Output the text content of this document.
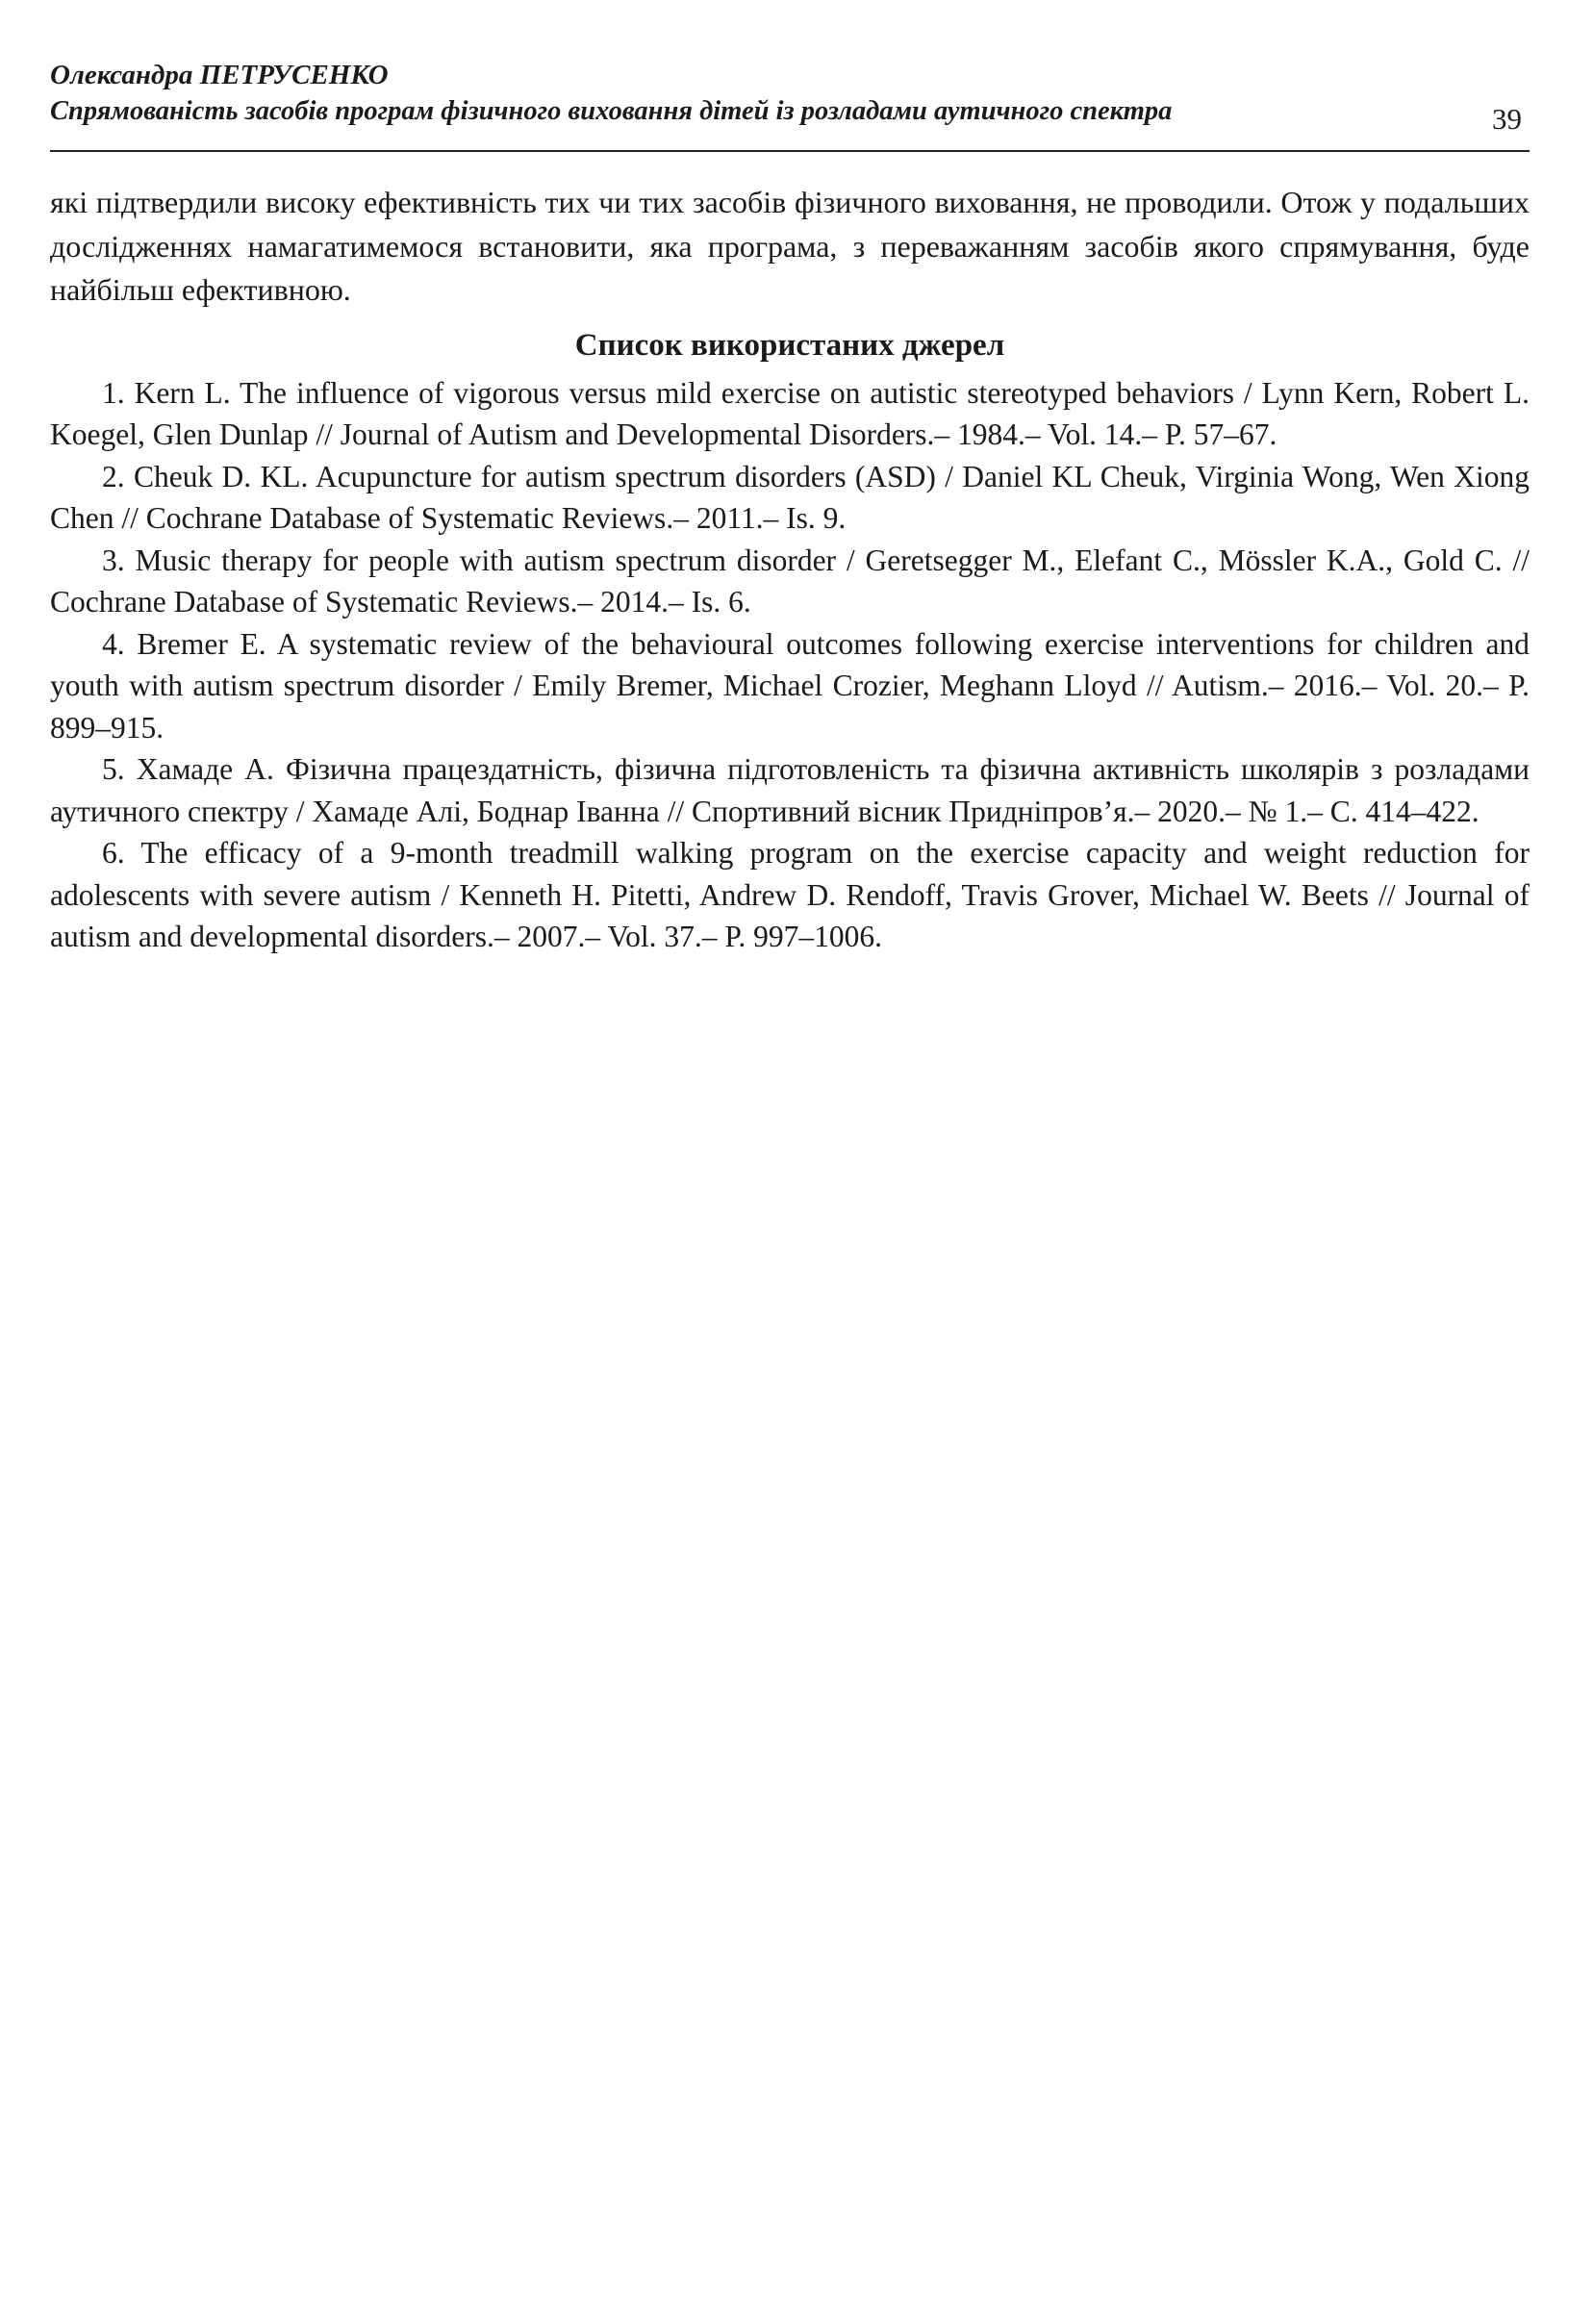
Олександра ПЕТРУСЕНКО
Спрямованість засобів програм фізичного виховання дітей із розладами аутичного спектра	39

які підтвердили високу ефективність тих чи тих засобів фізичного виховання, не проводили. Отож у подальших дослідженнях намагатимемося встановити, яка програма, з переважанням засобів якого спрямування, буде найбільш ефективною.

Список використаних джерел
1. Kern L. The influence of vigorous versus mild exercise on autistic stereotyped behaviors / Lynn Kern, Robert L. Koegel, Glen Dunlap // Journal of Autism and Developmental Disorders.– 1984.– Vol. 14.– P. 57–67.
2. Cheuk D. KL. Acupuncture for autism spectrum disorders (ASD) / Daniel KL Cheuk, Virginia Wong, Wen Xiong Chen // Cochrane Database of Systematic Reviews.– 2011.– Is. 9.
3. Music therapy for people with autism spectrum disorder / Geretsegger M., Elefant C., Mössler K.A., Gold C. // Cochrane Database of Systematic Reviews.– 2014.– Is. 6.
4. Bremer E. A systematic review of the behavioural outcomes following exercise interventions for children and youth with autism spectrum disorder / Emily Bremer, Michael Crozier, Meghann Lloyd // Autism.– 2016.– Vol. 20.– P. 899–915.
5. Хамаде А. Фізична працездатність, фізична підготовленість та фізична активність школярів з розладами аутичного спектру / Хамаде Алі, Боднар Іванна // Спортивний вісник Придніпров’я.– 2020.– № 1.– С. 414–422.
6. The efficacy of a 9-month treadmill walking program on the exercise capacity and weight reduction for adolescents with severe autism / Kenneth H. Pitetti, Andrew D. Rendoff, Travis Grover, Michael W. Beets // Journal of autism and developmental disorders.– 2007.– Vol. 37.– P. 997–1006.
